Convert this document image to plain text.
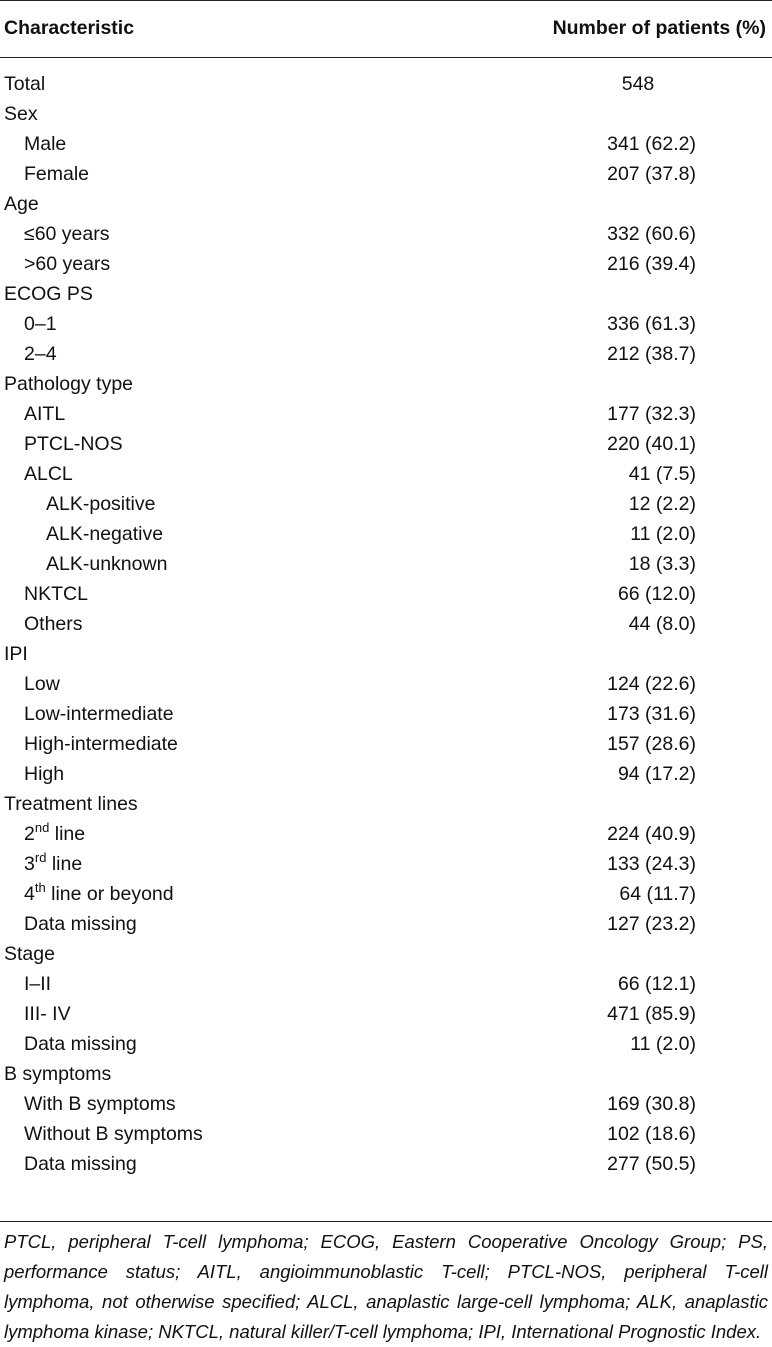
Characteristic	Number of patients (%)
Total	548
Sex
Male	341 (62.2)
Female	207 (37.8)
Age
≤60 years	332 (60.6)
>60 years	216 (39.4)
ECOG PS
0–1	336 (61.3)
2–4	212 (38.7)
Pathology type
AITL	177 (32.3)
PTCL-NOS	220 (40.1)
ALCL	41 (7.5)
ALK-positive	12 (2.2)
ALK-negative	11 (2.0)
ALK-unknown	18 (3.3)
NKTCL	66 (12.0)
Others	44 (8.0)
IPI
Low	124 (22.6)
Low-intermediate	173 (31.6)
High-intermediate	157 (28.6)
High	94 (17.2)
Treatment lines
2nd line	224 (40.9)
3rd line	133 (24.3)
4th line or beyond	64 (11.7)
Data missing	127 (23.2)
Stage
I–II	66 (12.1)
III- IV	471 (85.9)
Data missing	11 (2.0)
B symptoms
With B symptoms	169 (30.8)
Without B symptoms	102 (18.6)
Data missing	277 (50.5)
PTCL, peripheral T-cell lymphoma; ECOG, Eastern Cooperative Oncology Group; PS, performance status; AITL, angioimmunoblastic T-cell; PTCL-NOS, peripheral T-cell lymphoma, not otherwise specified; ALCL, anaplastic large-cell lymphoma; ALK, anaplastic lymphoma kinase; NKTCL, natural killer/T-cell lymphoma; IPI, International Prognostic Index.
